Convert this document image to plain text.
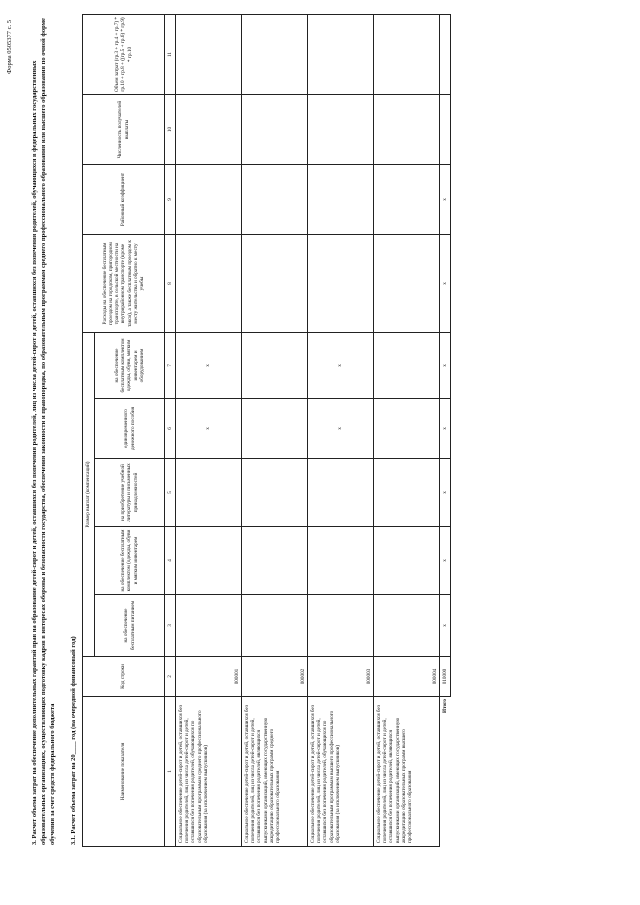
Форма 0505377 с. 5
3. Расчет объема затрат на обеспечение дополнительных гарантий прав на образование детей-сирот и детей, оставшихся без попечения родителей, лиц из числа детей-сирот и детей, оставшихся без попечения родителей, обучающихся в федеральных государственных образовательных организациях, осуществляющих подготовку кадров в интересах обороны и безопасности государства, обеспечения законности и правопорядка, по образовательным программам среднего профессионального образования или высшего образования по очной форме обучения за счет средств федерального бюджета 3.1. Расчет объема затрат на 20____ год (на очередной финансовый год)	Наименование показателя	Код строки	Размер выплат (компенсаций)					Расходы на обеспечение бесплатным проездом на городском, пригородном транспорте, в сельской местности на внутрирайонном транспорте (кроме такси), а также бесплатным проездом к месту жительства и обратно к месту учебы	Районный коэффициент	Численность получателей выплаты	Объем затрат (гр.3 + гр.4 + гр.7) * гр.10 + гр.8 + ((гр.5 + гр.6) * гр.9) * гр.10
		на обеспечение бесплатным питанием	на обеспечение бесплатным комплектом (одежды, обуви и мягким инвентарем	на приобретение учебной литературы и письменных принадлежностей	единовременного денежного пособия	на обеспечение бесплатным комплектом одежды, обуви, мягким инвентарем и оборудованием				
1	2	3	4	5	6	7	8	9	10	11
Социальное обеспечение детей-сирот и детей, оставшихся без попечения родителей, лиц из числа детей-сирот и детей, оставшихся без попечения родителей, обучающихся по образовательным программам среднего профессионального образования (за исключением выпускников)	000001				x	x				
Социальное обеспечение детей-сирот и детей, оставшихся без попечения родителей, лиц из числа детей-сирот и детей, оставшихся без попечения родителей, являющихся выпускниками организаций, имеющих государственную аккредитацию образовательных программ среднего профессионального образования	000002									
Социальное обеспечение детей-сирот и детей, оставшихся без попечения родителей, лиц из числа детей-сирот и детей, оставшихся без попечения родителей, обучающихся по образовательным программам высшего профессионального образования (за исключением выпускников)	000003				x	x				
Социальное обеспечение детей-сирот и детей, оставшихся без попечения родителей, лиц из числа детей-сирот и детей, оставшихся без попечения родителей, являющихся выпускниками организаций, имеющих государственную аккредитацию образовательных программ высшего профессионального образования	000004									
Итого	010000	x	x	x	x	x	x	x		
